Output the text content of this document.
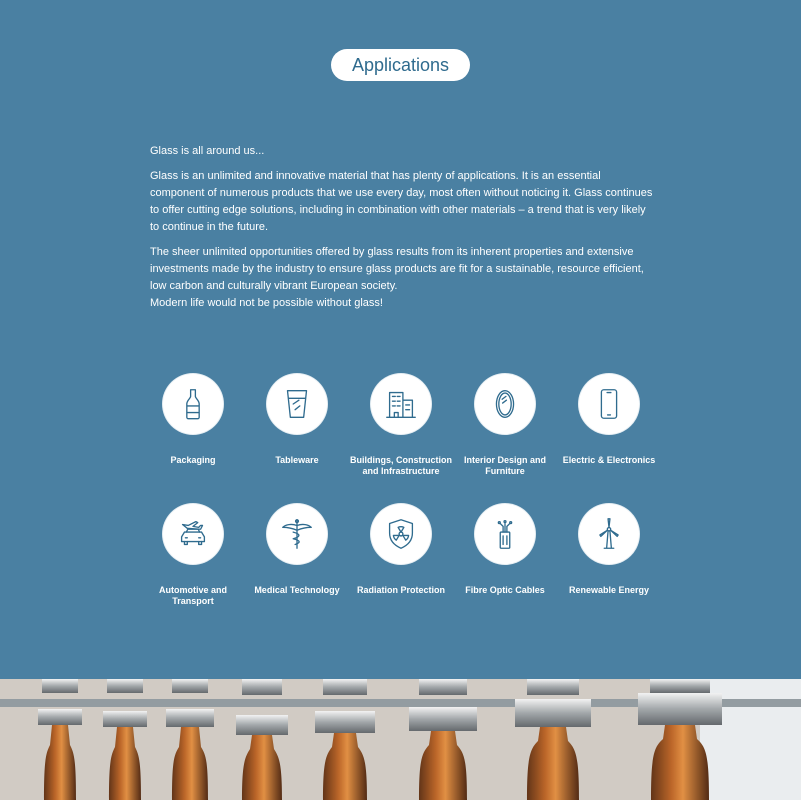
Applications

Glass is all around us...

Glass is an unlimited and innovative material that has plenty of applications. It is an essential component of numerous products that we use every day, most often without noticing it. Glass continues to offer cutting edge solutions, including in combination with other materials – a trend that is very likely to continue in the future.

The sheer unlimited opportunities offered by glass results from its inherent properties and extensive investments made by the industry to ensure glass products are fit for a sustainable, resource efficient, low carbon and culturally vibrant European society.

Modern life would not be possible without glass!

Packaging	Tableware	Buildings, Construction and Infrastructure
Interior Design and Furniture
Electric & Electronics
Automotive and Transport
Medical Technology	Radiation Protection	Fibre Optic Cables	Renewable Energy
